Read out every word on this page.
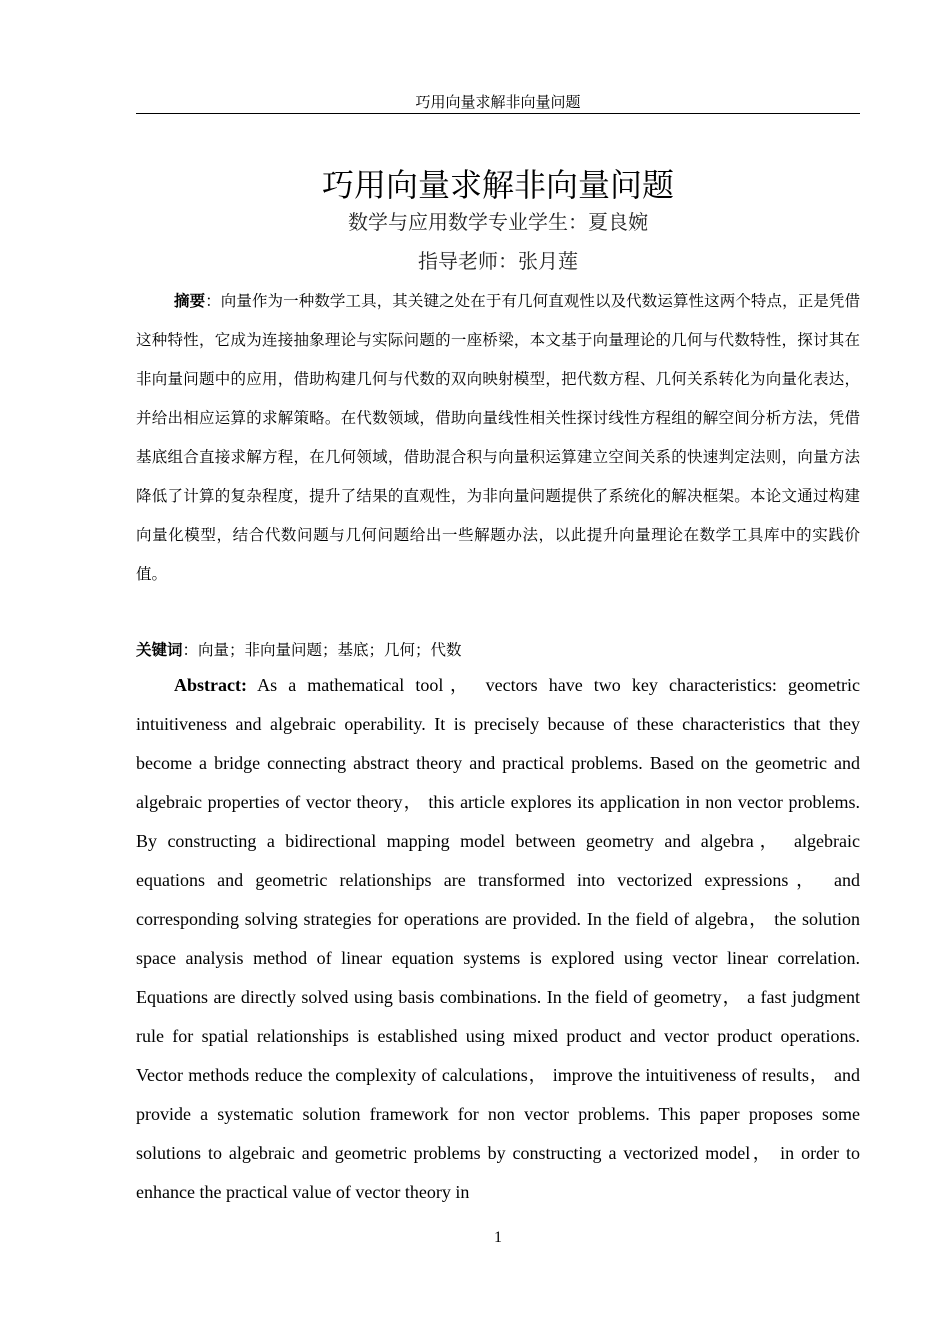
巧用向量求解非向量问题
巧用向量求解非向量问题
数学与应用数学专业学生：夏良婉
指导老师：张月莲

摘要：向量作为一种数学工具，其关键之处在于有几何直观性以及代数运算性这两个特点，正是凭借这种特性，它成为连接抽象理论与实际问题的一座桥梁，本文基于向量理论的几何与代数特性，探讨其在非向量问题中的应用，借助构建几何与代数的双向映射模型，把代数方程、几何关系转化为向量化表达，并给出相应运算的求解策略。在代数领域，借助向量线性相关性探讨线性方程组的解空间分析方法，凭借基底组合直接求解方程，在几何领域，借助混合积与向量积运算建立空间关系的快速判定法则，向量方法降低了计算的复杂程度，提升了结果的直观性，为非向量问题提供了系统化的解决框架。本论文通过构建向量化模型，结合代数问题与几何问题给出一些解题办法，以此提升向量理论在数学工具库中的实践价值。

关键词：向量；非向量问题；基底；几何；代数

Abstract: As a mathematical tool， vectors have two key characteristics: geometric intuitiveness and algebraic operability. It is precisely because of these characteristics that they become a bridge connecting abstract theory and practical problems. Based on the geometric and algebraic properties of vector theory， this article explores its application in non vector problems. By constructing a bidirectional mapping model between geometry and algebra， algebraic equations and geometric relationships are transformed into vectorized expressions， and corresponding solving strategies for operations are provided. In the field of algebra， the solution space analysis method of linear equation systems is explored using vector linear correlation. Equations are directly solved using basis combinations. In the field of geometry， a fast judgment rule for spatial relationships is established using mixed product and vector product operations. Vector methods reduce the complexity of calculations， improve the intuitiveness of results， and provide a systematic solution framework for non vector problems. This paper proposes some solutions to algebraic and geometric problems by constructing a vectorized model， in order to enhance the practical value of vector theory in

1
